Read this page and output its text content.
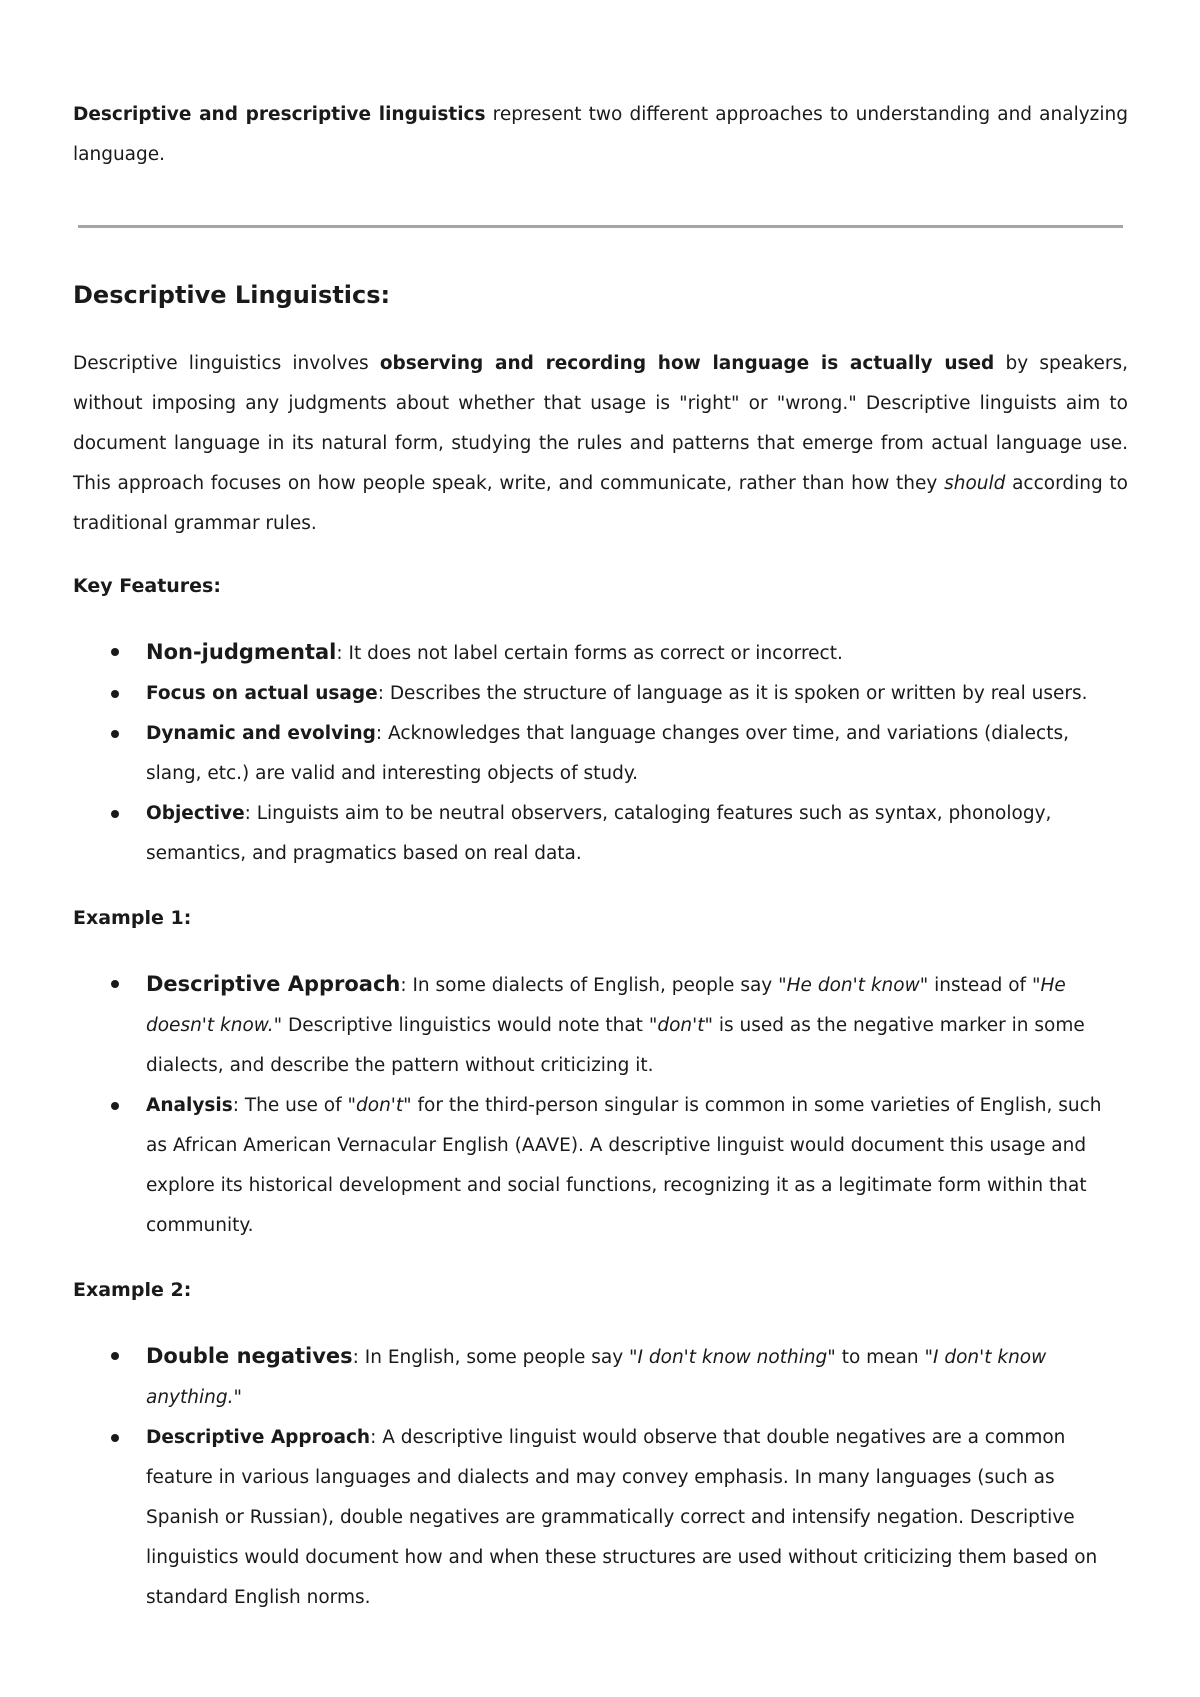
Descriptive and prescriptive linguistics represent two different approaches to understanding and analyzing language.

Descriptive Linguistics:

Descriptive linguistics involves observing and recording how language is actually used by speakers, without imposing any judgments about whether that usage is "right" or "wrong." Descriptive linguists aim to document language in its natural form, studying the rules and patterns that emerge from actual language use. This approach focuses on how people speak, write, and communicate, rather than how they should according to traditional grammar rules.

Key Features:
Non-judgmental: It does not label certain forms as correct or incorrect.
Focus on actual usage: Describes the structure of language as it is spoken or written by real users.
Dynamic and evolving: Acknowledges that language changes over time, and variations (dialects, slang, etc.) are valid and interesting objects of study.
Objective: Linguists aim to be neutral observers, cataloging features such as syntax, phonology, semantics, and pragmatics based on real data.
Example 1:
Descriptive Approach: In some dialects of English, people say "He don't know" instead of "He doesn't know." Descriptive linguistics would note that "don't" is used as the negative marker in some dialects, and describe the pattern without criticizing it.
Analysis: The use of "don't" for the third-person singular is common in some varieties of English, such as African American Vernacular English (AAVE). A descriptive linguist would document this usage and explore its historical development and social functions, recognizing it as a legitimate form within that community.
Example 2:
Double negatives: In English, some people say "I don't know nothing" to mean "I don't know anything."
Descriptive Approach: A descriptive linguist would observe that double negatives are a common feature in various languages and dialects and may convey emphasis. In many languages (such as Spanish or Russian), double negatives are grammatically correct and intensify negation. Descriptive linguistics would document how and when these structures are used without criticizing them based on standard English norms.
